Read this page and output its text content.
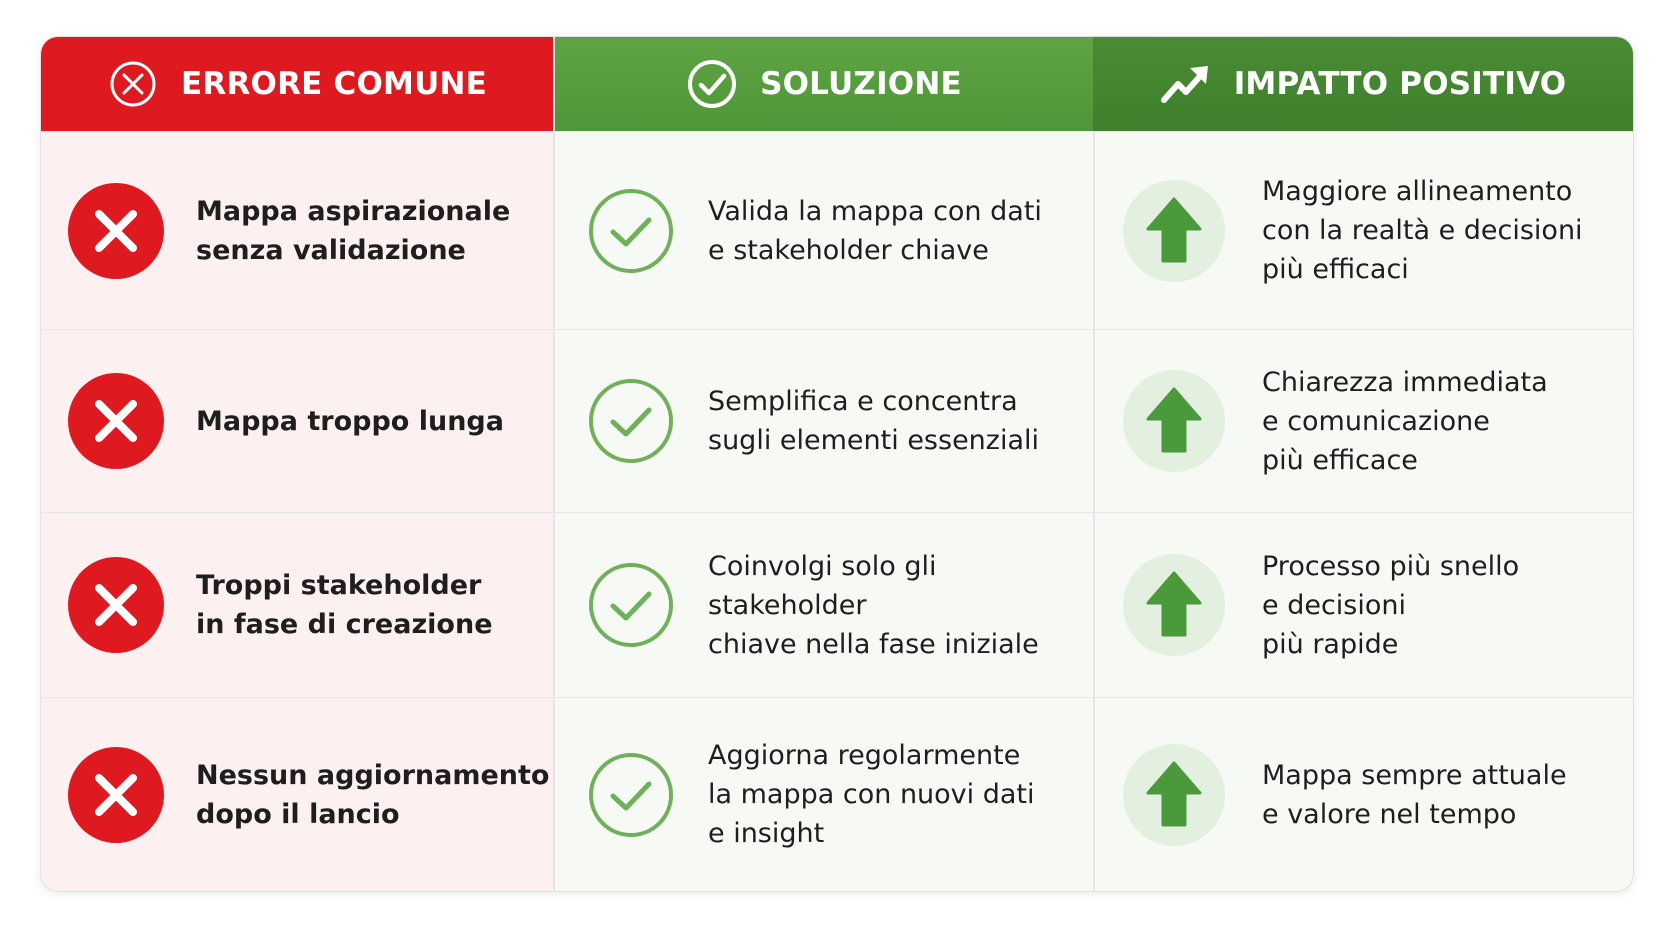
ERRORE COMUNE	SOLUZIONE	IMPATTO POSITIVO
Mappa aspirazionale
senza validazione
Valida la mappa con dati
e stakeholder chiave
Maggiore allineamento
con la realtà e decisioni
più efficaci
Mappa troppo lunga
Semplifica e concentra
sugli elementi essenziali
Chiarezza immediata
e comunicazione
più efficace
Troppi stakeholder
in fase di creazione
Coinvolgi solo gli stakeholder
chiave nella fase iniziale
Processo più snello
e decisioni
più rapide
Nessun aggiornamento
dopo il lancio
Aggiorna regolarmente
la mappa con nuovi dati
e insight
Mappa sempre attuale
e valore nel tempo
